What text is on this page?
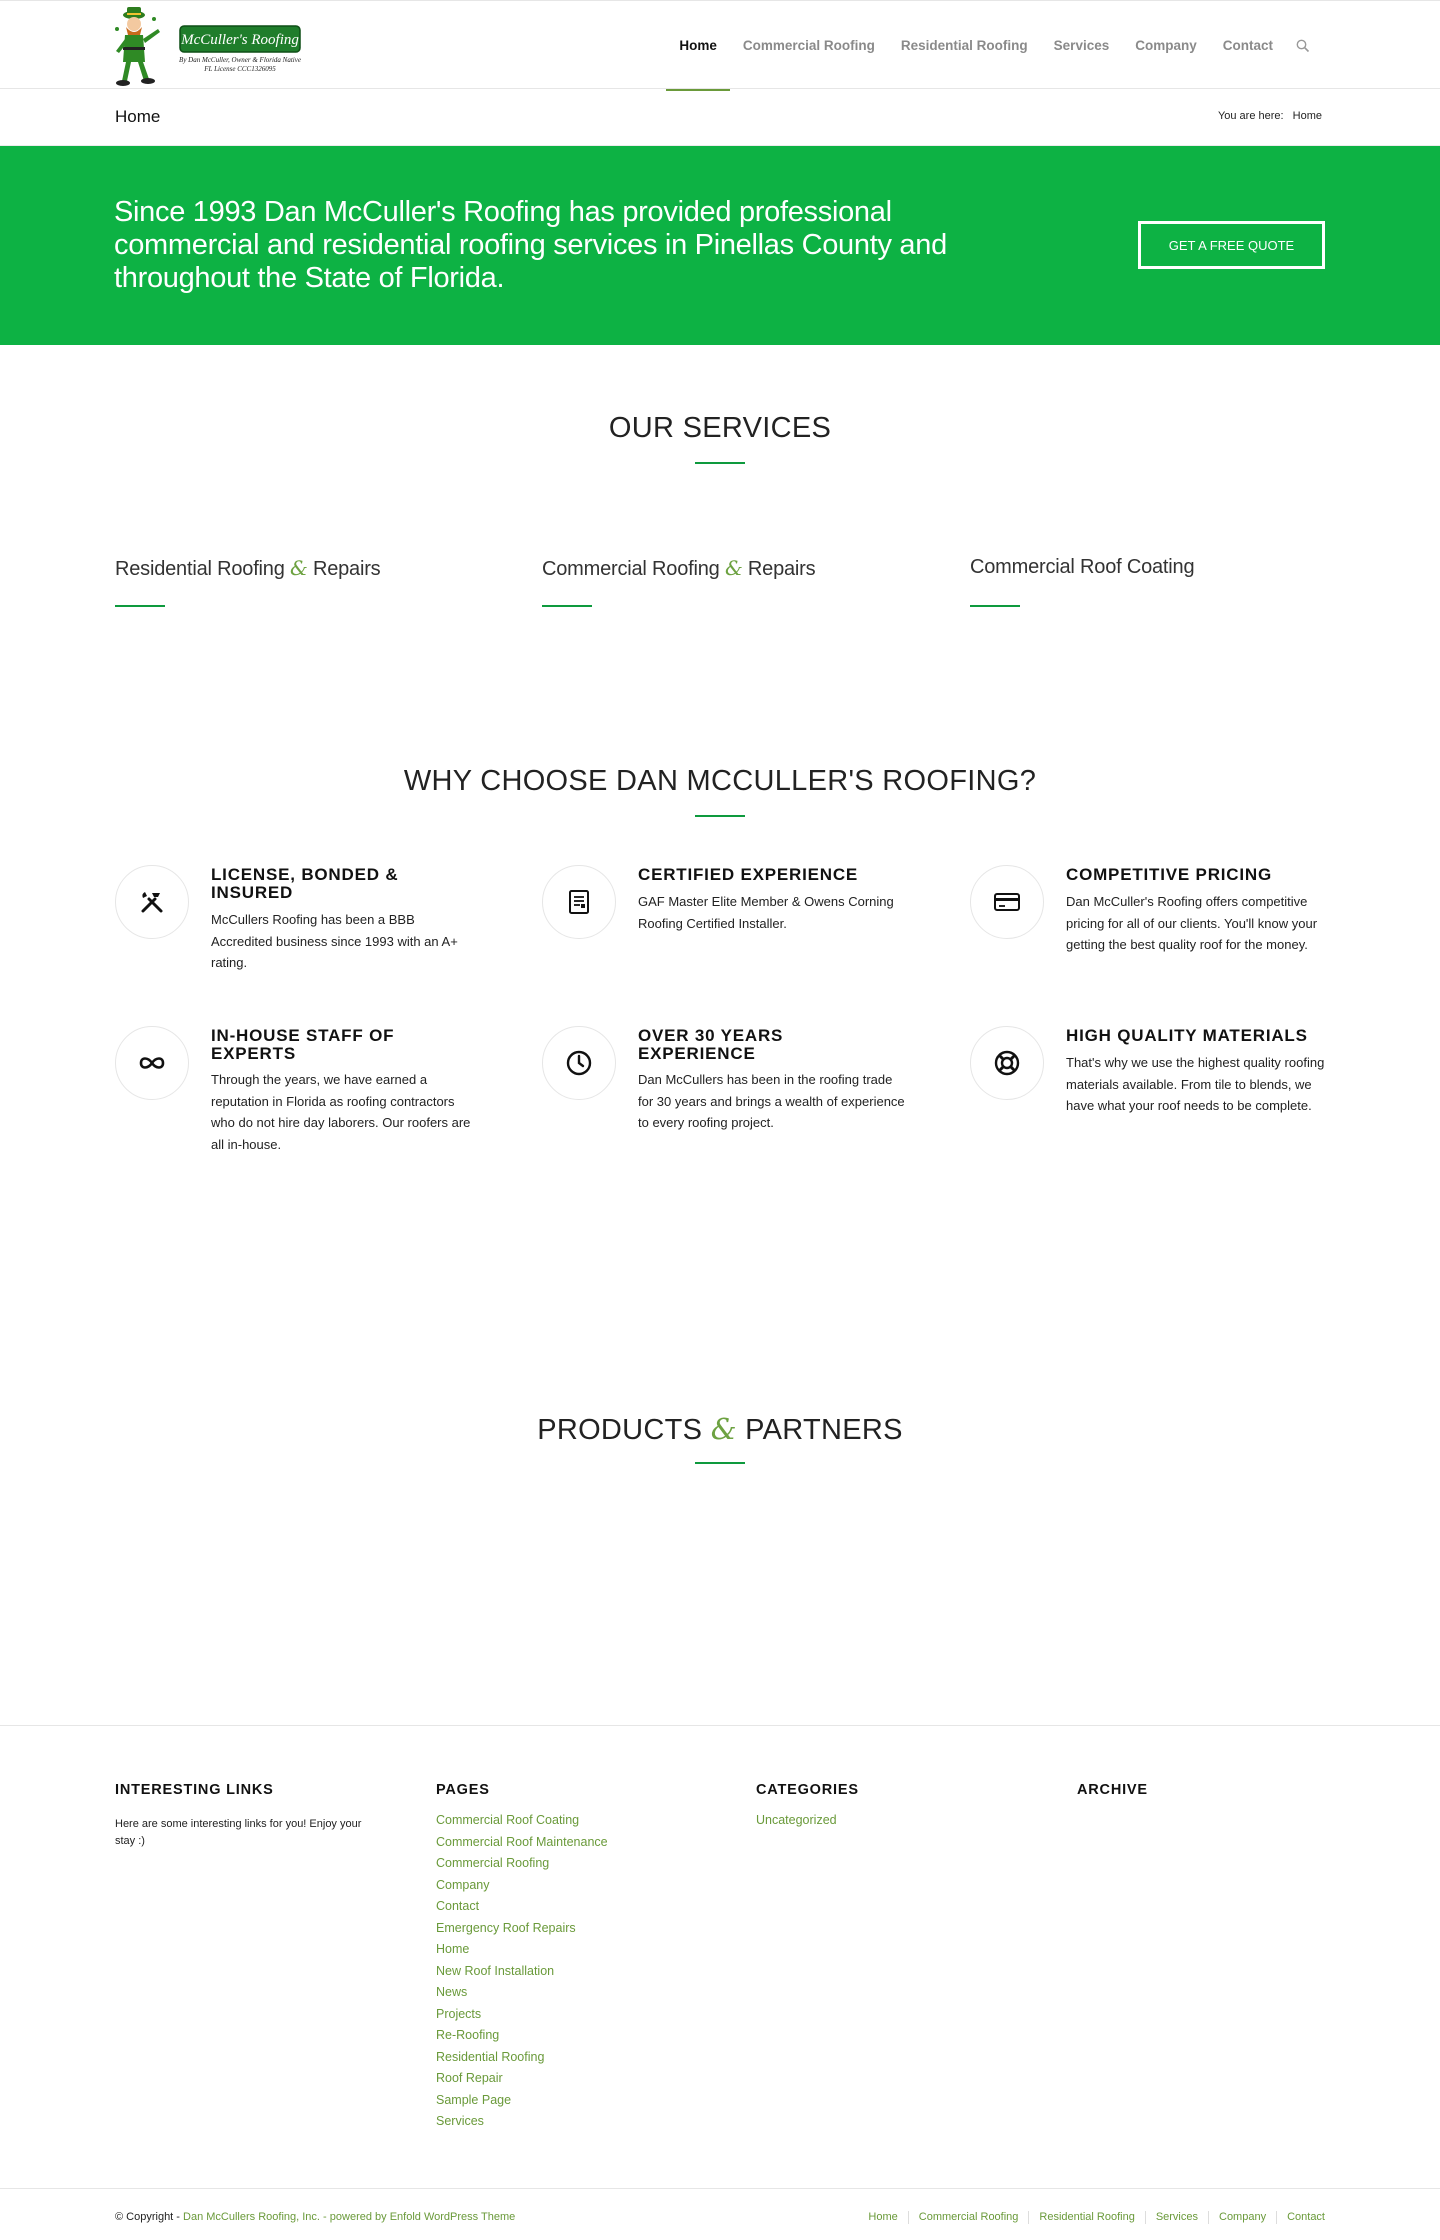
McCuller's Roofing
By Dan McCuller, Owner & Florida Native
FL License CCC1326095
Home	Commercial Roofing	Residential Roofing	Services	Company	Contact
Home	You are here: Home
Since 1993 Dan McCuller's Roofing has provided professional commercial and residential roofing services in Pinellas County and throughout the State of Florida.
GET A FREE QUOTE
OUR SERVICES
Residential Roofing & Repairs	Commercial Roofing & Repairs	Commercial Roof Coating
WHY CHOOSE DAN MCCULLER'S ROOFING?
LICENSE, BONDED & INSURED
McCullers Roofing has been a BBB Accredited business since 1993 with an A+ rating.
CERTIFIED EXPERIENCE
GAF Master Elite Member & Owens Corning Roofing Certified Installer.
COMPETITIVE PRICING
Dan McCuller's Roofing offers competitive pricing for all of our clients. You'll know your getting the best quality roof for the money.
IN-HOUSE STAFF OF EXPERTS
Through the years, we have earned a reputation in Florida as roofing contractors who do not hire day laborers. Our roofers are all in-house.
OVER 30 YEARS EXPERIENCE
Dan McCullers has been in the roofing trade for 30 years and brings a wealth of experience to every roofing project.
HIGH QUALITY MATERIALS
That's why we use the highest quality roofing materials available. From tile to blends, we have what your roof needs to be complete.
PRODUCTS & PARTNERS
INTERESTING LINKS
Here are some interesting links for you! Enjoy your stay :)
PAGES
Commercial Roof Coating
Commercial Roof Maintenance
Commercial Roofing
Company
Contact
Emergency Roof Repairs
Home
New Roof Installation
News
Projects
Re-Roofing
Residential Roofing
Roof Repair
Sample Page
Services
CATEGORIES
Uncategorized
ARCHIVE
© Copyright - Dan McCullers Roofing, Inc. - powered by Enfold WordPress Theme	Home	Commercial Roofing	Residential Roofing	Services	Company	Contact
